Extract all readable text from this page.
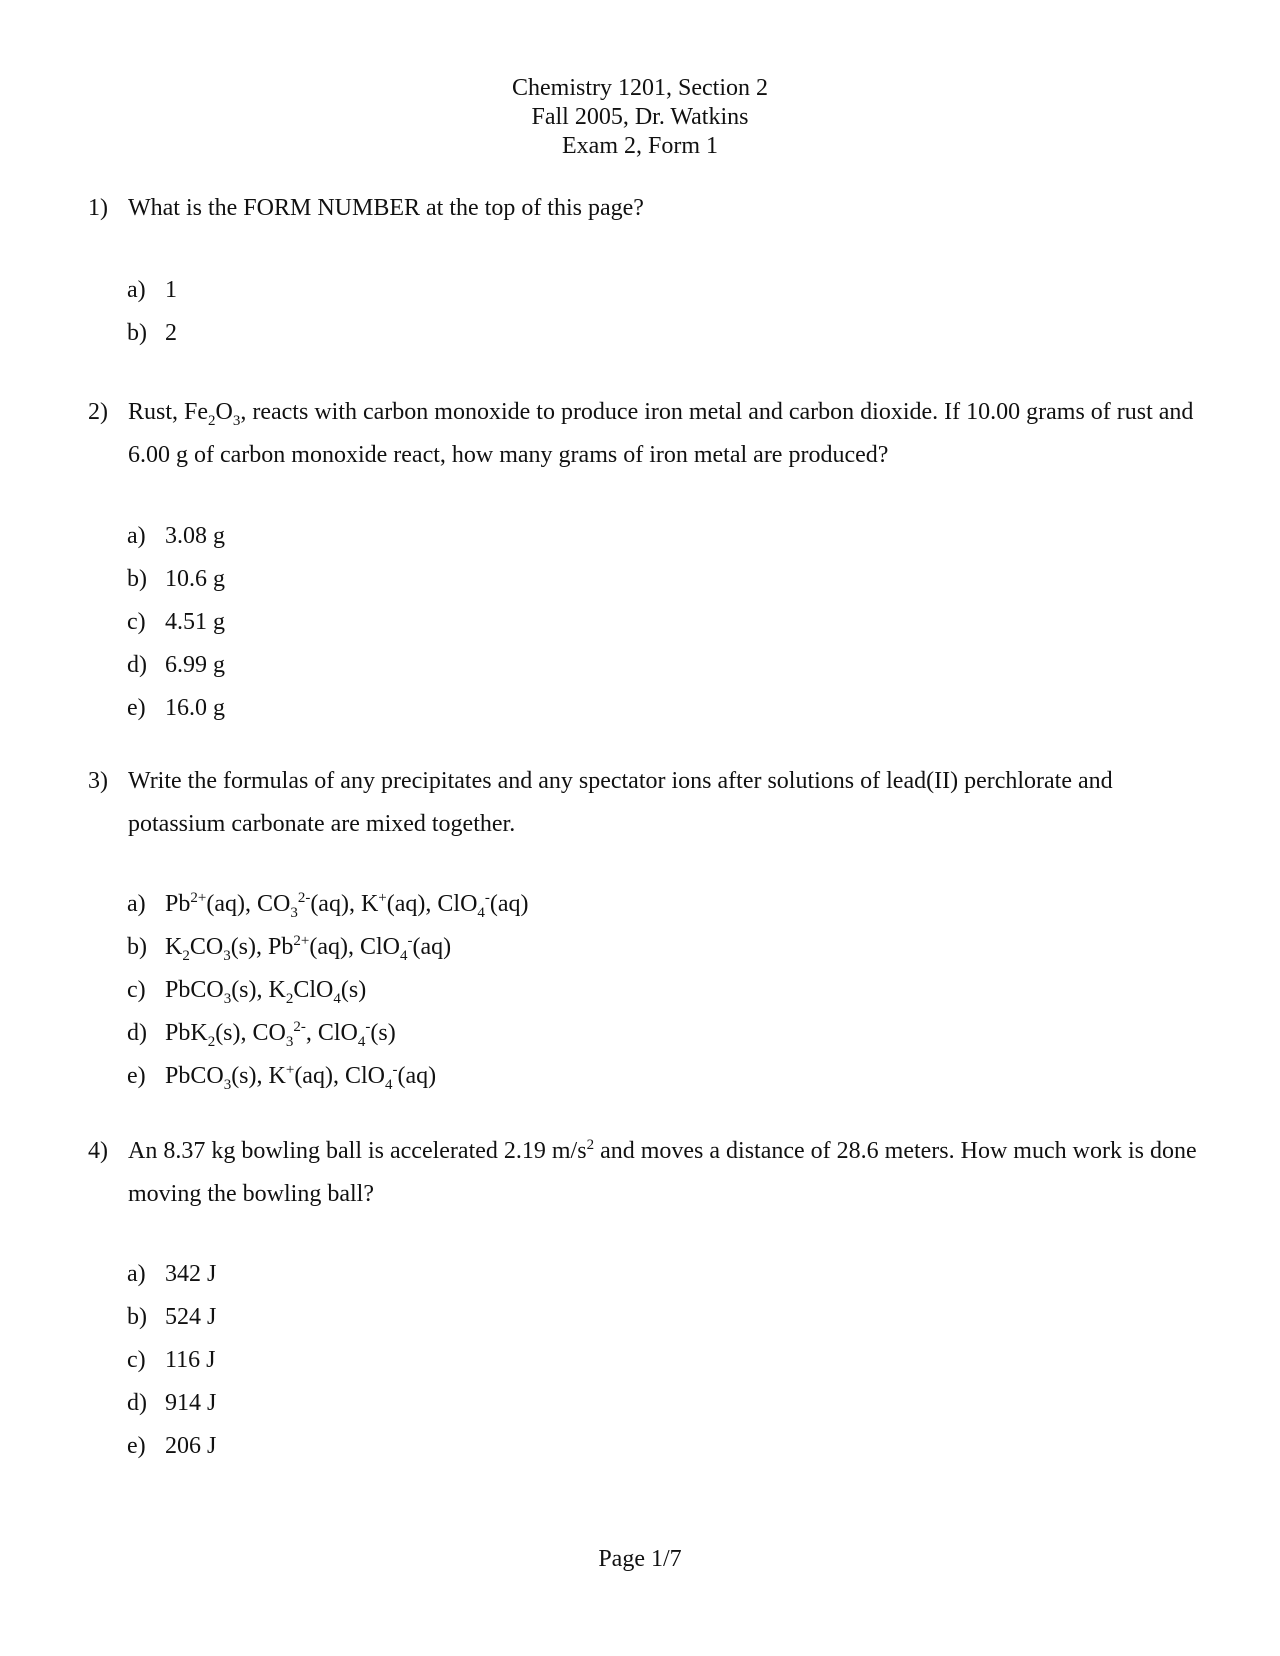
Chemistry 1201, Section 2
Fall 2005, Dr. Watkins
Exam 2, Form 1
1) What is the FORM NUMBER at the top of this page?
a) 1
b) 2
2) Rust, $Fe_2O_3$, reacts with carbon monoxide to produce iron metal and carbon dioxide. If 10.00 grams of rust and 6.00 g of carbon monoxide react, how many grams of iron metal are produced?
a) 3.08 g
b) 10.6 g
c) 4.51 g
d) 6.99 g
e) 16.0 g
3) Write the formulas of any precipitates and any spectator ions after solutions of lead(II) perchlorate and potassium carbonate are mixed together.
a) $Pb^{2+}(aq)$, $CO_3^{2-}(aq)$, K+(aq), ClO$_4$-(aq)
b) $K_2CO_3(s)$, $Pb^{2+}(aq)$, ClO$_4$-(aq)
c) PbCO$_3$(s), $K_2ClO_4(s)$
d) PbK$_2$(s), $CO_3^{2-}$, ClO$_4$-(s)
e) PbCO$_3$(s), K+(aq), ClO$_4$-(aq)
4) An 8.37 kg bowling ball is accelerated 2.19 $m/s^2$ and moves a distance of 28.6 meters. How much work is done moving the bowling ball?
a) 342 J
b) 524 J
c) 116 J
d) 914 J
e) 206 J
Page 1/7
